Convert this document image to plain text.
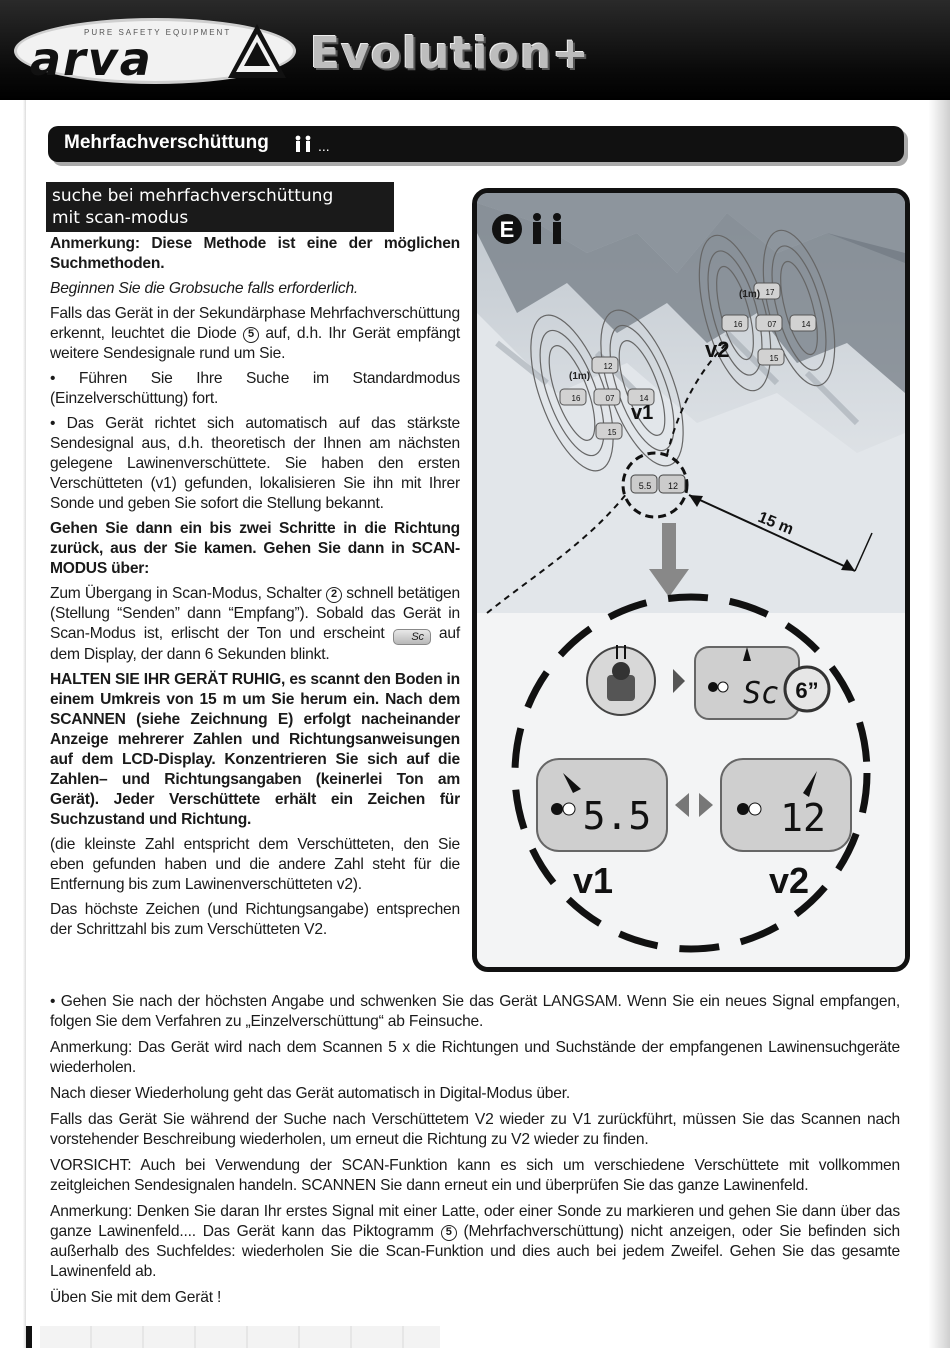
PURE SAFETY EQUIPMENT
arva	Evolution+
Mehrfachverschüttung	...
suche bei mehrfachverschüttung
mit scan-modus

Anmerkung: Diese Methode ist eine der möglichen Suchmethoden.

Beginnen Sie die Grobsuche falls erforderlich.

Falls das Gerät in der Sekundärphase Mehrfachverschüttung erkennt, leuchtet die Diode 5 auf, d.h. Ihr Gerät empfängt weitere Sendesignale rund um Sie.

• Führen Sie Ihre Suche im Standardmodus (Einzelverschüttung) fort.

• Das Gerät richtet sich automatisch auf das stärkste Sendesignal aus, d.h. theoretisch der Ihnen am nächsten gelegene Lawinenverschüttete. Sie haben den ersten Verschütteten (v1) gefunden, lokalisieren Sie ihn mit Ihrer Sonde und geben Sie sofort die Stellung bekannt.

Gehen Sie dann ein bis zwei Schritte in die Richtung zurück, aus der Sie kamen. Gehen Sie dann in SCAN-MODUS über:

Zum Übergang in Scan-Modus, Schalter 2 schnell betätigen (Stellung “Senden” dann “Empfang”). Sobald das Gerät in Scan-Modus ist, erlischt der Ton und erscheint Sc auf dem Display, der dann 6 Sekunden blinkt.

HALTEN SIE IHR GERÄT RUHIG, es scannt den Boden in einem Umkreis von 15 m um Sie herum ein. Nach dem SCANNEN (siehe Zeichnung E) erfolgt nacheinander Anzeige mehrerer Zahlen und Richtungsanweisungen auf dem LCD-Display. Konzentrieren Sie sich auf die Zahlen– und Richtungsangaben (keinerlei Ton am Gerät). Jeder Verschüttete erhält ein Zeichen für Suchzustand und Richtung.

(die kleinste Zahl entspricht dem Verschütteten, den Sie eben gefunden haben und die andere Zahl steht für die Entfernung bis zum Lawinenverschütteten v2).

Das höchste Zeichen (und Richtungsangabe) entsprechen der Schrittzahl bis zum Verschütteten V2.

• Gehen Sie nach der höchsten Angabe und schwenken Sie das Gerät LANGSAM. Wenn Sie ein neues Signal empfangen, folgen Sie dem Verfahren zu „Einzelverschüttung“ ab Feinsuche.

Anmerkung: Das Gerät wird nach dem Scannen 5 x die Richtungen und Suchstände der empfangenen Lawinensuchgeräte wiederholen.

Nach dieser Wiederholung geht das Gerät automatisch in Digital-Modus über.

Falls das Gerät Sie während der Suche nach Verschüttetem V2 wieder zu V1 zurückführt, müssen Sie das Scannen nach vorstehender Beschreibung wiederholen, um erneut die Richtung zu V2 wieder zu finden.

VORSICHT: Auch bei Verwendung der SCAN-Funktion kann es sich um verschiedene Verschüttete mit vollkommen zeitgleichen Sendesignalen handeln. SCANNEN Sie dann erneut ein und überprüfen Sie das ganze Lawinenfeld.

Anmerkung: Denken Sie daran Ihr erstes Signal mit einer Latte, oder einer Sonde zu markieren und gehen Sie dann über das ganze Lawinenfeld.... Das Gerät kann das Piktogramm 5 (Mehrfachverschüttung) nicht anzeigen, oder Sie befinden sich außerhalb des Suchfeldes: wiederholen Sie die Scan-Funktion und dies auch bei jedem Zweifel. Gehen Sie das gesamte Lawinenfeld ab.

Üben Sie mit dem Gerät !

E
12
16	07	14
15
17
16	07	14
15
(1m)
(1m)
v1
v2
5.5 12
15 m
Sc 6”
5.5	12
v1	v2
